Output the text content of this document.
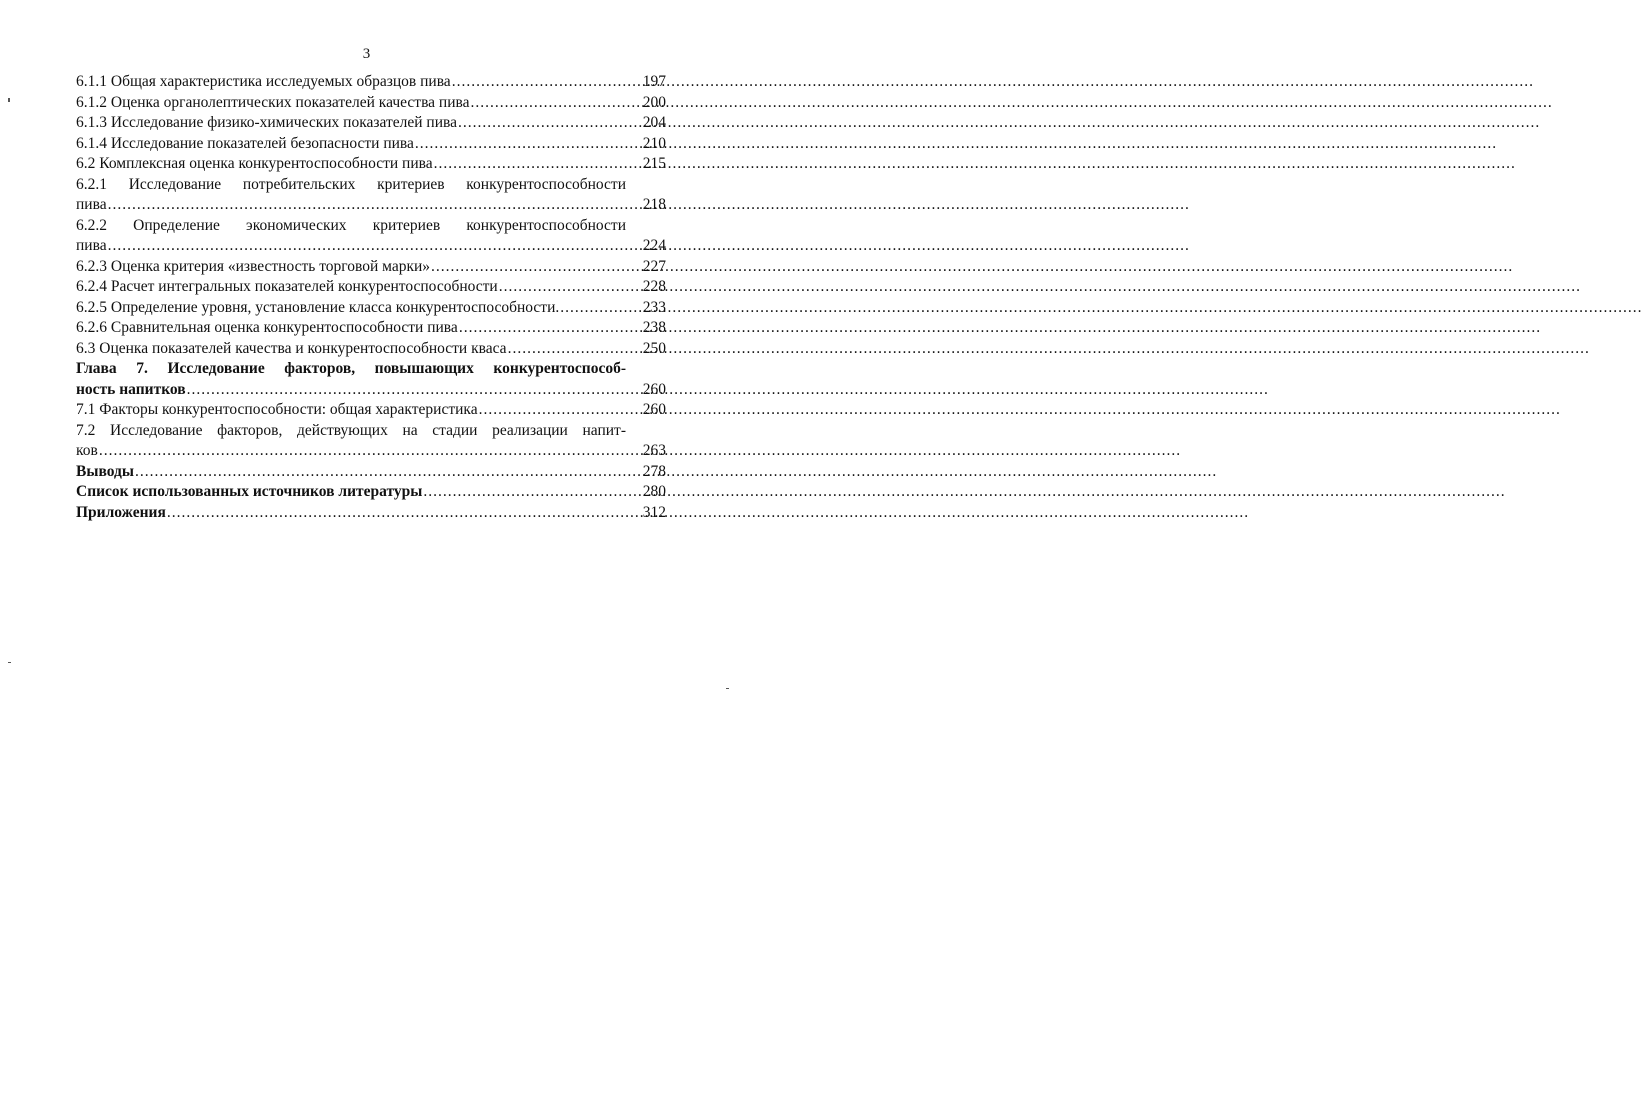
3
6.1.1 Общая характеристика исследуемых образцов пива .....	197
6.1.2 Оценка органолептических показателей качества пива .....	200
6.1.3 Исследование физико-химических показателей пива .....	204
6.1.4 Исследование показателей безопасности пива .....	210
6.2 Комплексная оценка конкурентоспособности пива .....	215
6.2.1 Исследование потребительских критериев конкурентоспособности
пива .....	218
6.2.2 Определение экономических критериев конкурентоспособности
пива .....	224
6.2.3 Оценка критерия «известность торговой марки» .....	227
6.2.4 Расчет интегральных показателей конкурентоспособности .....	228
6.2.5 Определение уровня, установление класса конкурентоспособности. .....	233
6.2.6 Сравнительная оценка конкурентоспособности пива .....	238
6.3 Оценка показателей качества и конкурентоспособности кваса .....	250
Глава 7. Исследование факторов, повышающих конкурентоспособ-
ность напитков .....	260
7.1 Факторы конкурентоспособности: общая характеристика .....	260
7.2 Исследование факторов, действующих на стадии реализации напит-
ков .....	263
Выводы .....	278
Список использованных источников литературы .....	280
Приложения .....	312
